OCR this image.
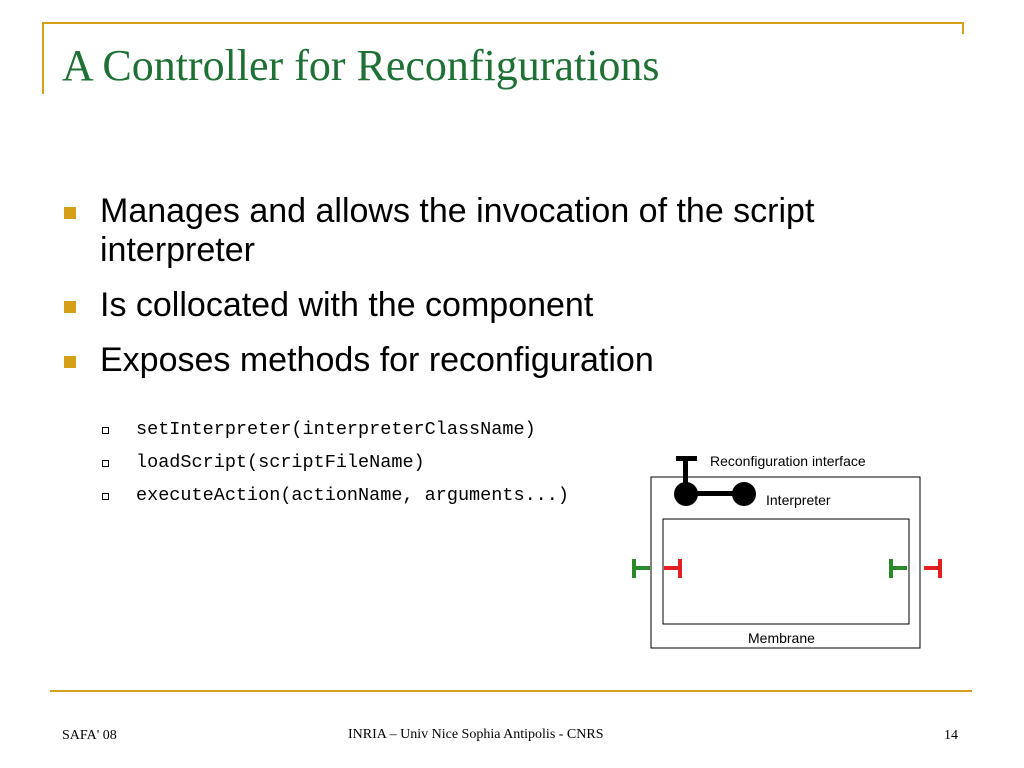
A Controller for Reconfigurations
Manages and allows the invocation of the script interpreter
Is collocated with the component
Exposes methods for reconfiguration
setInterpreter(interpreterClassName)
loadScript(scriptFileName)
executeAction(actionName, arguments...)
Reconfiguration interface
Interpreter
Membrane
SAFA' 08	INRIA – Univ Nice Sophia Antipolis - CNRS	14
